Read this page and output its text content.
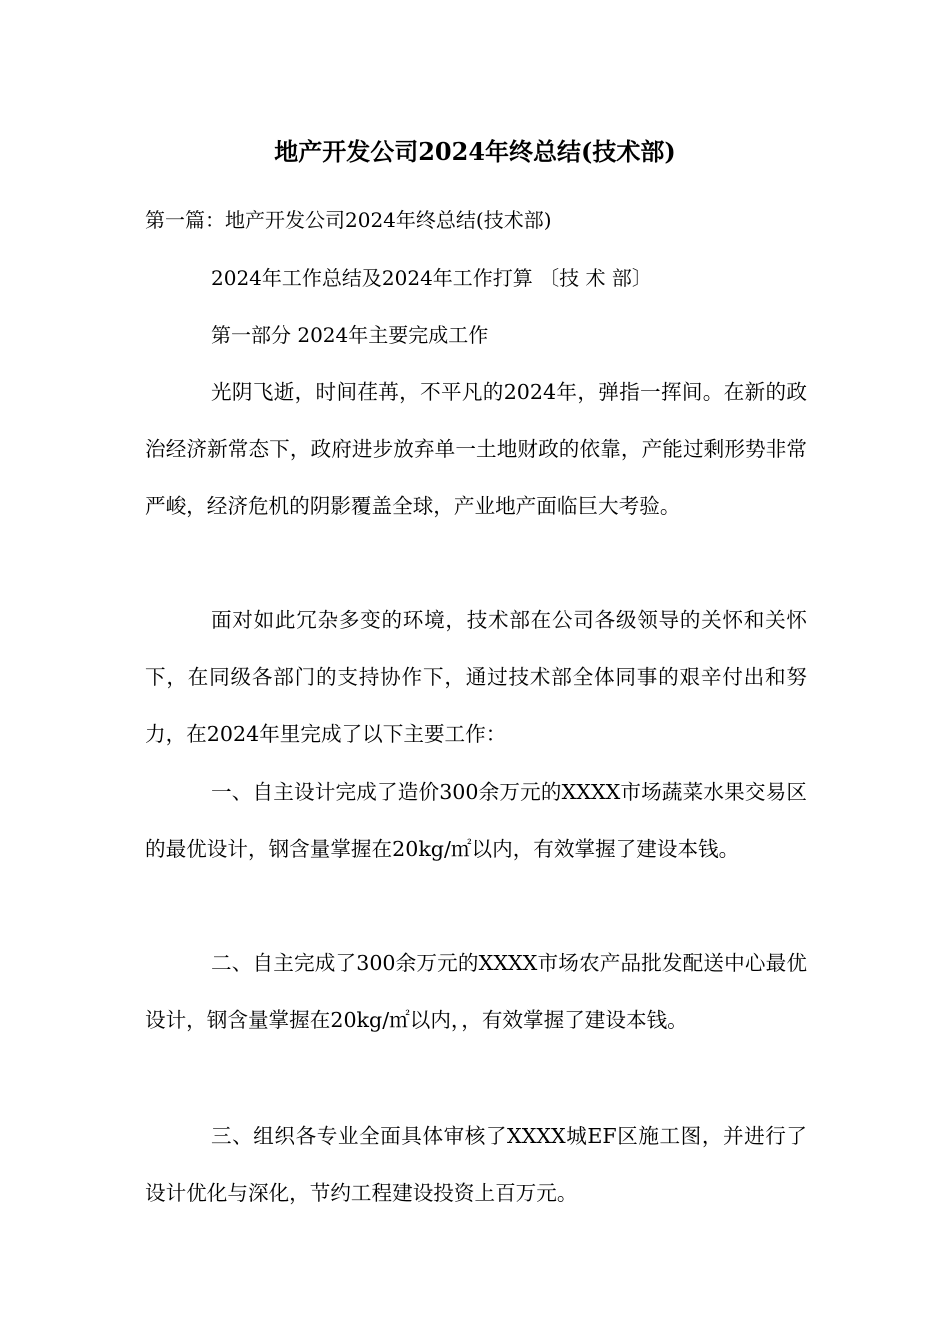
地产开发公司2024年终总结(技术部)
第一篇：地产开发公司2024年终总结(技术部)
2024年工作总结及2024年工作打算 〔技 术 部〕
第一部分 2024年主要完成工作

光阴飞逝，时间荏苒，不平凡的2024年，弹指一挥间。在新的政治经济新常态下，政府进步放弃单一土地财政的依靠，产能过剩形势非常严峻，经济危机的阴影覆盖全球，产业地产面临巨大考验。

面对如此冗杂多变的环境，技术部在公司各级领导的关怀和关怀下，在同级各部门的支持协作下，通过技术部全体同事的艰辛付出和努力，在2024年里完成了以下主要工作：

一、自主设计完成了造价300余万元的XXXX市场蔬菜水果交易区的最优设计，钢含量掌握在20kg/㎡以内，有效掌握了建设本钱。

二、自主完成了300余万元的XXXX市场农产品批发配送中心最优设计，钢含量掌握在20kg/㎡以内，，有效掌握了建设本钱。

三、组织各专业全面具体审核了XXXX城EF区施工图，并进行了设计优化与深化，节约工程建设投资上百万元。
